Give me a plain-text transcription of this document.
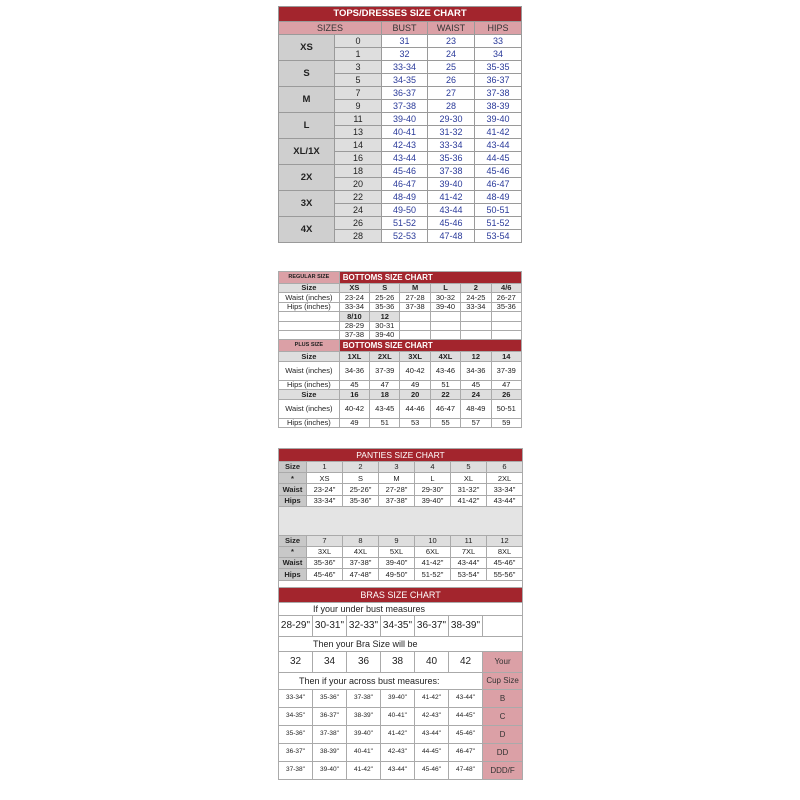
TOPS/DRESSES SIZE CHART				
SIZES		BUST	WAIST	HIPS
XS	0	31	23	33
	1	32	24	34
S	3	33-34	25	35-35
	5	34-35	26	36-37
M	7	36-37	27	37-38
	9	37-38	28	38-39
L	11	39-40	29-30	39-40
	13	40-41	31-32	41-42
XL/1X	14	42-43	33-34	43-44
	16	43-44	35-36	44-45
2X	18	45-46	37-38	45-46
	20	46-47	39-40	46-47
3X	22	48-49	41-42	48-49
	24	49-50	43-44	50-51
4X	26	51-52	45-46	51-52
	28	52-53	47-48	53-54
REGULAR SIZE	BOTTOMS SIZE CHART					
Size	XS	S	M	L	2	4/6
Waist (inches)	23-24	25-26	27-28	30-32	24-25	26-27
Hips (inches)	33-34	35-36	37-38	39-40	33-34	35-36
	8/10	12				
	28-29	30-31				
	37-38	39-40				
PLUS SIZE	BOTTOMS SIZE CHART					
Size	1XL	2XL	3XL	4XL	12	14
Waist (inches)	34-36	37-39	40-42	43-46	34-36	37-39
Hips (inches)	45	47	49	51	45	47
Size	16	18	20	22	24	26
Waist (inches)	40-42	43-45	44-46	46-47	48-49	50-51
Hips (inches)	49	51	53	55	57	59
PANTIES SIZE CHART						
Size	1	2	3	4	5	6
*	XS	S	M	L	XL	2XL
Waist	23-24"	25-26"	27-28"	29-30"	31-32"	33-34"
Hips	33-34"	35-36"	37-38"	39-40"	41-42"	43-44"

Size	7	8	9	10	11	12
*	3XL	4XL	5XL	6XL	7XL	8XL
Waist	35-36"	37-38"	39-40"	41-42"	43-44"	45-46"
Hips	45-46"	47-48"	49-50"	51-52"	53-54"	55-56"

BRAS SIZE CHART						
If your under bust measures						
28-29"	30-31"	32-33"	34-35"	36-37"	38-39"	
Then your Bra Size will be						
32	34	36	38	40	42	Your
Then if your across bust measures:						Cup Size
33-34"	35-36"	37-38"	39-40"	41-42"	43-44"	B
34-35"	36-37"	38-39"	40-41"	42-43"	44-45"	C
35-36"	37-38"	39-40"	41-42"	43-44"	45-46"	D
36-37"	38-39"	40-41"	42-43"	44-45"	46-47"	DD
37-38"	39-40"	41-42"	43-44"	45-46"	47-48"	DDD/F
